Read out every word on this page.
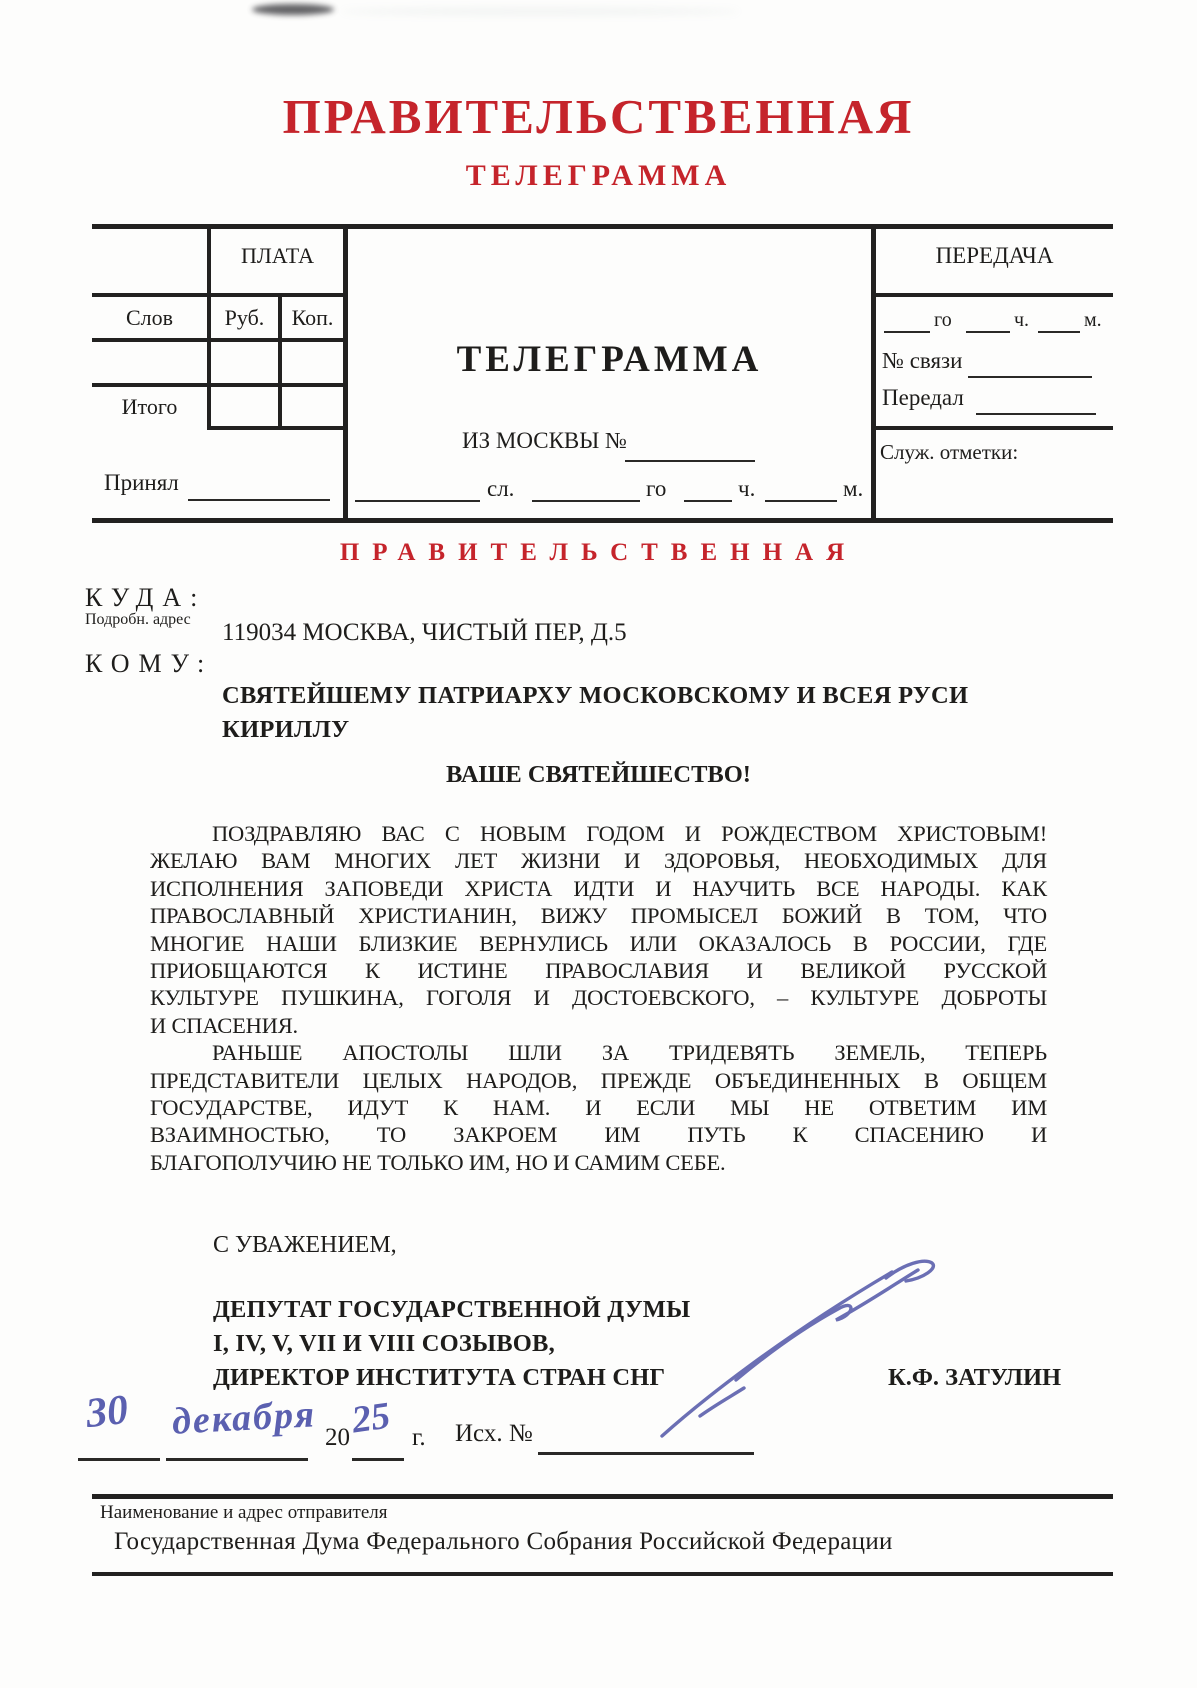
ПРАВИТЕЛЬСТВЕННАЯ
ТЕЛЕГРАММА
ПЛАТА
Слов	Руб.	Коп.
Итого
Принял
ТЕЛЕГРАММА
ИЗ МОСКВЫ №
сл.	го	ч.	м.
ПЕРЕДАЧА
го	ч.	м.
№ связи
Передал
Служ. отметки:
ПРАВИТЕЛЬСТВЕННАЯ
КУДА:
Подробн. адрес 119034 МОСКВА, ЧИСТЫЙ ПЕР, Д.5
КОМУ:
СВЯТЕЙШЕМУ ПАТРИАРХУ МОСКОВСКОМУ И ВСЕЯ РУСИ
КИРИЛЛУ
ВАШЕ СВЯТЕЙШЕСТВО!
ПОЗДРАВЛЯЮ ВАС С НОВЫМ ГОДОМ И РОЖДЕСТВОМ ХРИСТОВЫМ!
ЖЕЛАЮ ВАМ МНОГИХ ЛЕТ ЖИЗНИ И ЗДОРОВЬЯ, НЕОБХОДИМЫХ ДЛЯ
ИСПОЛНЕНИЯ ЗАПОВЕДИ ХРИСТА ИДТИ И НАУЧИТЬ ВСЕ НАРОДЫ. КАК
ПРАВОСЛАВНЫЙ ХРИСТИАНИН, ВИЖУ ПРОМЫСЕЛ БОЖИЙ В ТОМ, ЧТО
МНОГИЕ НАШИ БЛИЗКИЕ ВЕРНУЛИСЬ ИЛИ ОКАЗАЛОСЬ В РОССИИ, ГДЕ
ПРИОБЩАЮТСЯ К ИСТИНЕ ПРАВОСЛАВИЯ И ВЕЛИКОЙ РУССКОЙ
КУЛЬТУРЕ ПУШКИНА, ГОГОЛЯ И ДОСТОЕВСКОГО, – КУЛЬТУРЕ ДОБРОТЫ
И СПАСЕНИЯ.
РАНЬШЕ АПОСТОЛЫ ШЛИ ЗА ТРИДЕВЯТЬ ЗЕМЕЛЬ, ТЕПЕРЬ
ПРЕДСТАВИТЕЛИ ЦЕЛЫХ НАРОДОВ, ПРЕЖДЕ ОБЪЕДИНЕННЫХ В ОБЩЕМ
ГОСУДАРСТВЕ, ИДУТ К НАМ. И ЕСЛИ МЫ НЕ ОТВЕТИМ ИМ
ВЗАИМНОСТЬЮ, ТО ЗАКРОЕМ ИМ ПУТЬ К СПАСЕНИЮ И
БЛАГОПОЛУЧИЮ НЕ ТОЛЬКО ИМ, НО И САМИМ СЕБЕ.
С УВАЖЕНИЕМ,
ДЕПУТАТ ГОСУДАРСТВЕННОЙ ДУМЫ
I, IV, V, VII И VIII СОЗЫВОВ,
ДИРЕКТОР ИНСТИТУТА СТРАН СНГ	К.Ф. ЗАТУЛИН
30 декабря 20 25 г. Исх. №
Наименование и адрес отправителя
Государственная Дума Федерального Собрания Российской Федерации
